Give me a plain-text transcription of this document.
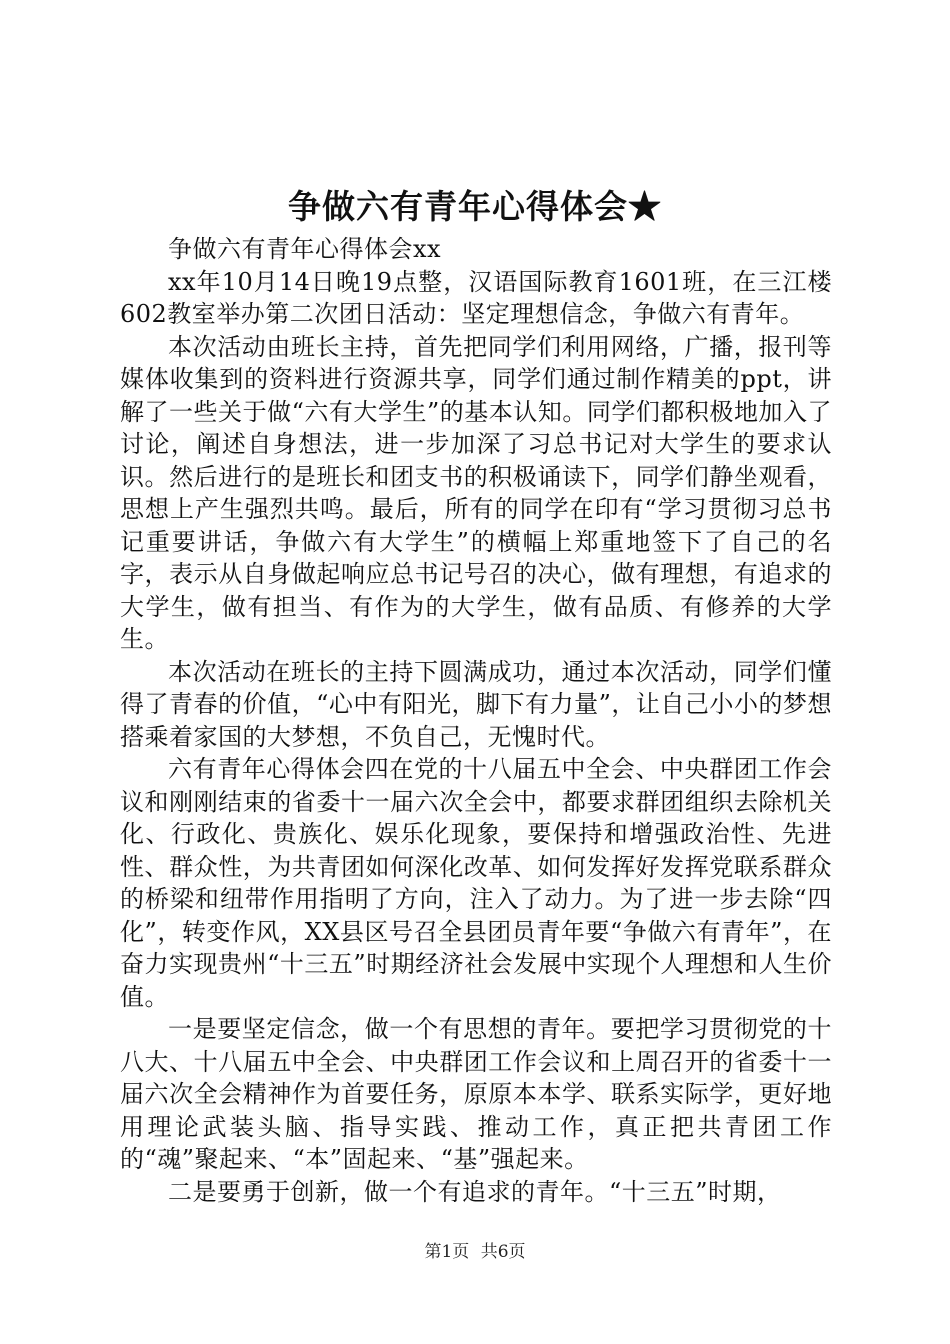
争做六有青年心得体会★

争做六有青年心得体会xx

xx年10月14日晚19点整，汉语国际教育1601班，在三江楼602教室举办第二次团日活动：坚定理想信念，争做六有青年。

本次活动由班长主持，首先把同学们利用网络，广播，报刊等媒体收集到的资料进行资源共享，同学们通过制作精美的ppt，讲解了一些关于做“六有大学生”的基本认知。同学们都积极地加入了讨论，阐述自身想法，进一步加深了习总书记对大学生的要求认识。然后进行的是班长和团支书的积极诵读下，同学们静坐观看，思想上产生强烈共鸣。最后，所有的同学在印有“学习贯彻习总书记重要讲话，争做六有大学生”的横幅上郑重地签下了自己的名字，表示从自身做起响应总书记号召的决心，做有理想，有追求的大学生，做有担当、有作为的大学生，做有品质、有修养的大学生。

本次活动在班长的主持下圆满成功，通过本次活动，同学们懂得了青春的价值，“心中有阳光，脚下有力量”，让自己小小的梦想搭乘着家国的大梦想，不负自己，无愧时代。

六有青年心得体会四在党的十八届五中全会、中央群团工作会议和刚刚结束的省委十一届六次全会中，都要求群团组织去除机关化、行政化、贵族化、娱乐化现象，要保持和增强政治性、先进性、群众性，为共青团如何深化改革、如何发挥好发挥党联系群众的桥梁和纽带作用指明了方向，注入了动力。为了进一步去除“四化”，转变作风，XX县区号召全县团员青年要“争做六有青年”，在奋力实现贵州“十三五”时期经济社会发展中实现个人理想和人生价值。

一是要坚定信念，做一个有思想的青年。要把学习贯彻党的十八大、十八届五中全会、中央群团工作会议和上周召开的省委十一届六次全会精神作为首要任务，原原本本学、联系实际学，更好地用理论武装头脑、指导实践、推动工作，真正把共青团工作的“魂”聚起来、“本”固起来、“基”强起来。

二是要勇于创新，做一个有追求的青年。“十三五”时期，

第1页 共6页
